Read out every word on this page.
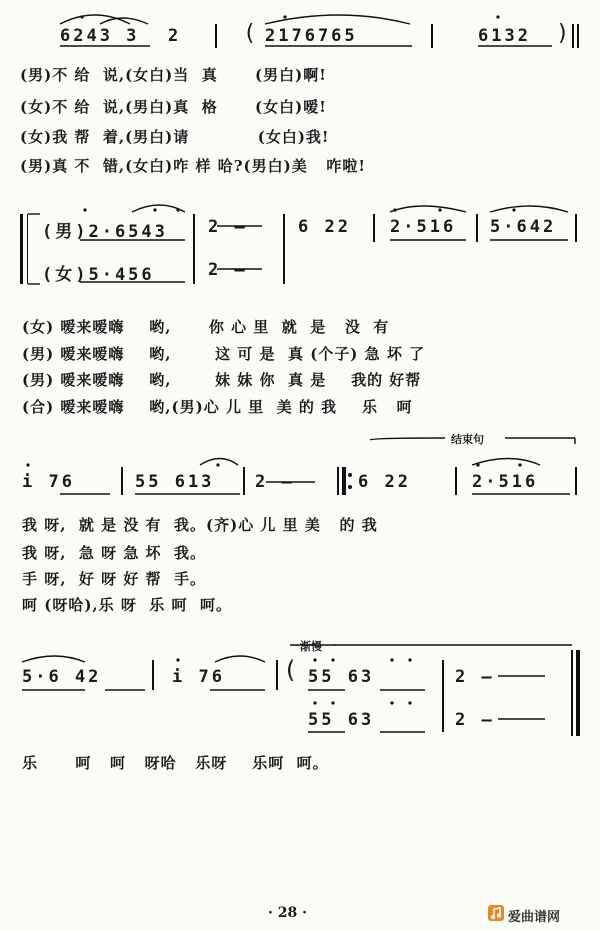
6243 3 2	( 2176765	6132 )
(男)不 给  说,(女白)当  真      (男白)啊!
(女)不 给  说,(男白)真  格      (女白)嗳!
(女)我 帮  着,(男白)请           (女白)我!
(男)真 不  错,(女白)咋 样 哈?(男白)美   咋啦!
(男)2·6543 2 —	6 22 2·516 5·642
(女)5·456	2 —
(女) 嗳来嗳嗨    哟,      你 心 里  就  是   没  有
(男) 嗳来嗳嗨    哟,       这 可 是  真 (个子) 急 坏 了
(男) 嗳来嗳嗨    哟,       妹 妹 你  真 是    我的 好帮
(合) 嗳来嗳嗨    哟,(男)心 儿 里  美 的 我    乐   呵
结束句
i 76	55 613 2 —	6 22	2·516
我 呀,  就 是 没 有  我。(齐)心 儿 里 美   的 我
我 呀,  急 呀 急 坏  我。
手 呀,  好 呀 好 帮  手。
呵 (呀哈),乐 呀  乐 呵  呵。
渐慢
5·6 42	i 76 ( 55 63	2 —
55 63	2 —
乐      呵   呵   呀哈   乐呀    乐呵  呵。
· 28 ·	爱曲谱网
